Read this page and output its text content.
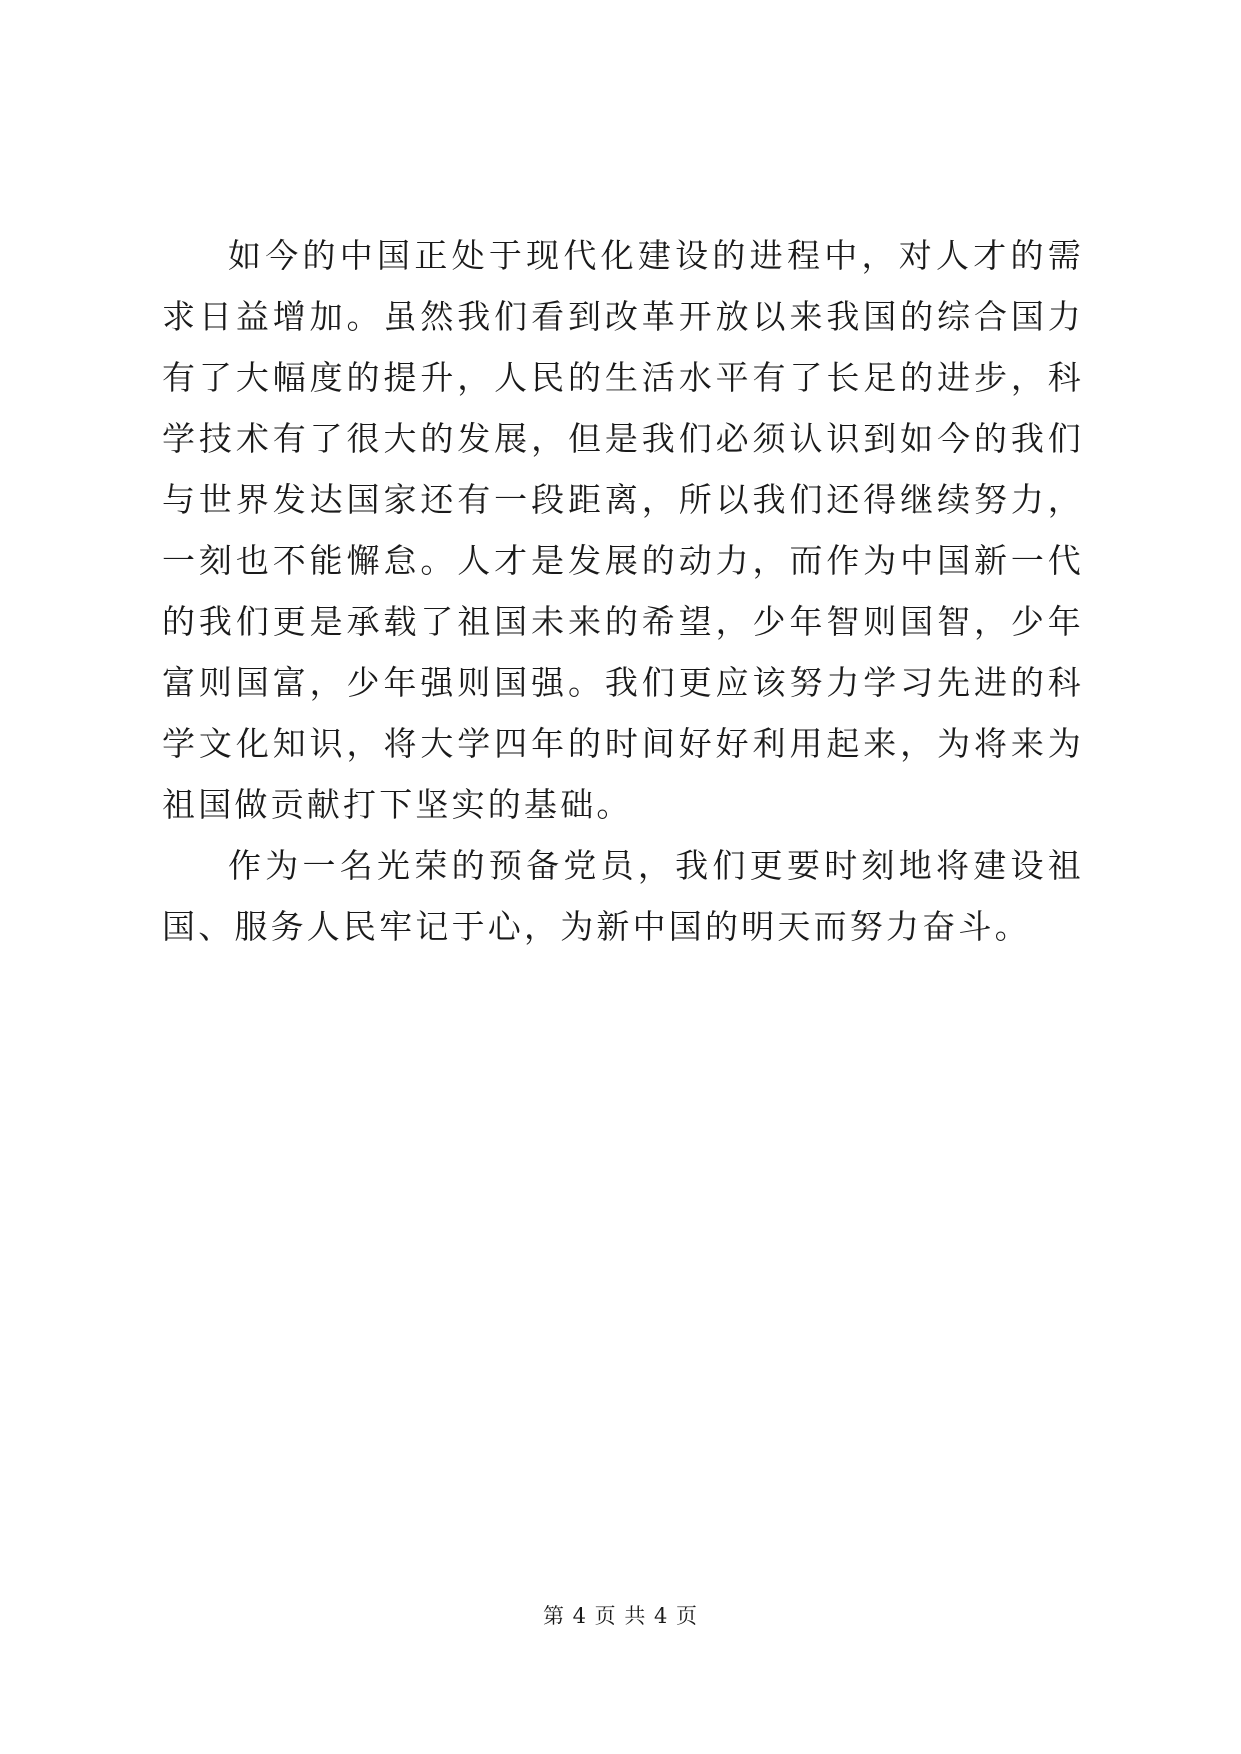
如今的中国正处于现代化建设的进程中，对人才的需求日益增加。虽然我们看到改革开放以来我国的综合国力有了大幅度的提升，人民的生活水平有了长足的进步，科学技术有了很大的发展，但是我们必须认识到如今的我们与世界发达国家还有一段距离，所以我们还得继续努力，一刻也不能懈怠。人才是发展的动力，而作为中国新一代的我们更是承载了祖国未来的希望，少年智则国智，少年富则国富，少年强则国强。我们更应该努力学习先进的科学文化知识，将大学四年的时间好好利用起来，为将来为祖国做贡献打下坚实的基础。

作为一名光荣的预备党员，我们更要时刻地将建设祖国、服务人民牢记于心，为新中国的明天而努力奋斗。

第 4 页 共 4 页
